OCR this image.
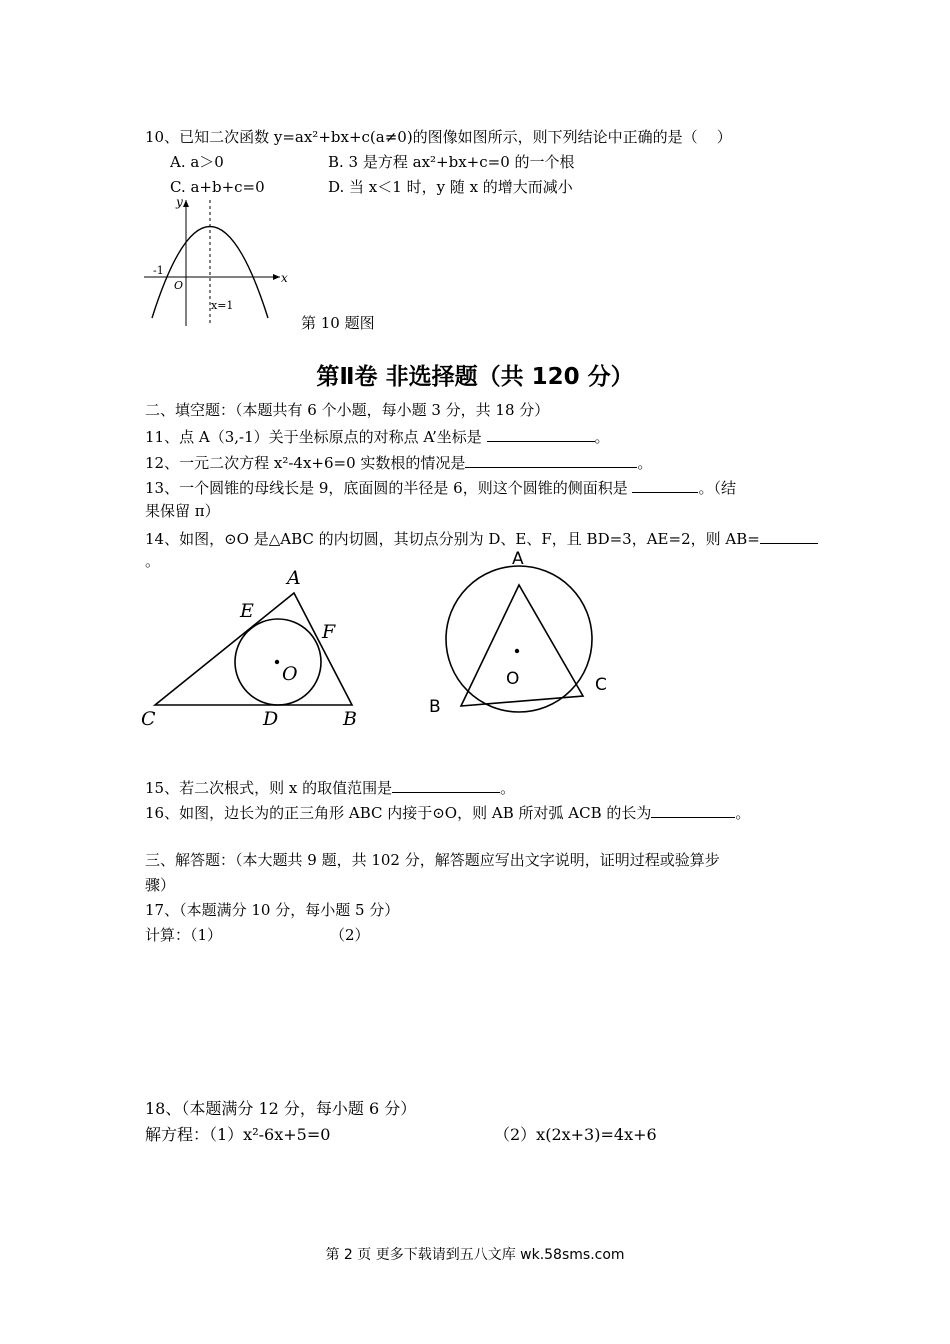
10、已知二次函数 y=ax²+bx+c(a≠0)的图像如图所示，则下列结论中正确的是（    ）
A. a＞0	B. 3 是方程 ax²+bx+c=0 的一个根
C. a+b+c=0	D. 当 x＜1 时，y 随 x 的增大而减小
y
x
-1
O
x=1
第 10 题图
第Ⅱ卷 非选择题（共 120 分）
二、填空题：（本题共有 6 个小题，每小题 3 分，共 18 分）
11、点 A（3,-1）关于坐标原点的对称点 A’坐标是	。
12、一元二次方程 x²-4x+6=0 实数根的情况是	。
13、一个圆锥的母线长是 9，底面圆的半径是 6，则这个圆锥的侧面积是	。（结
果保留 π）
14、如图，⊙O 是△ABC 的内切圆，其切点分别为 D、E、F，且 BD=3，AE=2，则 AB=
。
A
E
F
O
C	D	B
A
O
B
C
15、若二次根式，则 x 的取值范围是	。
16、如图，边长为的正三角形 ABC 内接于⊙O，则 AB 所对弧 ACB 的长为	。
三、解答题：（本大题共 9 题，共 102 分，解答题应写出文字说明，证明过程或验算步
骤）
17、（本题满分 10 分，每小题 5 分）
计算：（1）	（2）
18、（本题满分 12 分，每小题 6 分）
解方程：（1）x²-6x+5=0	（2）x(2x+3)=4x+6
第 2 页 更多下载请到五八文库 wk.58sms.com
